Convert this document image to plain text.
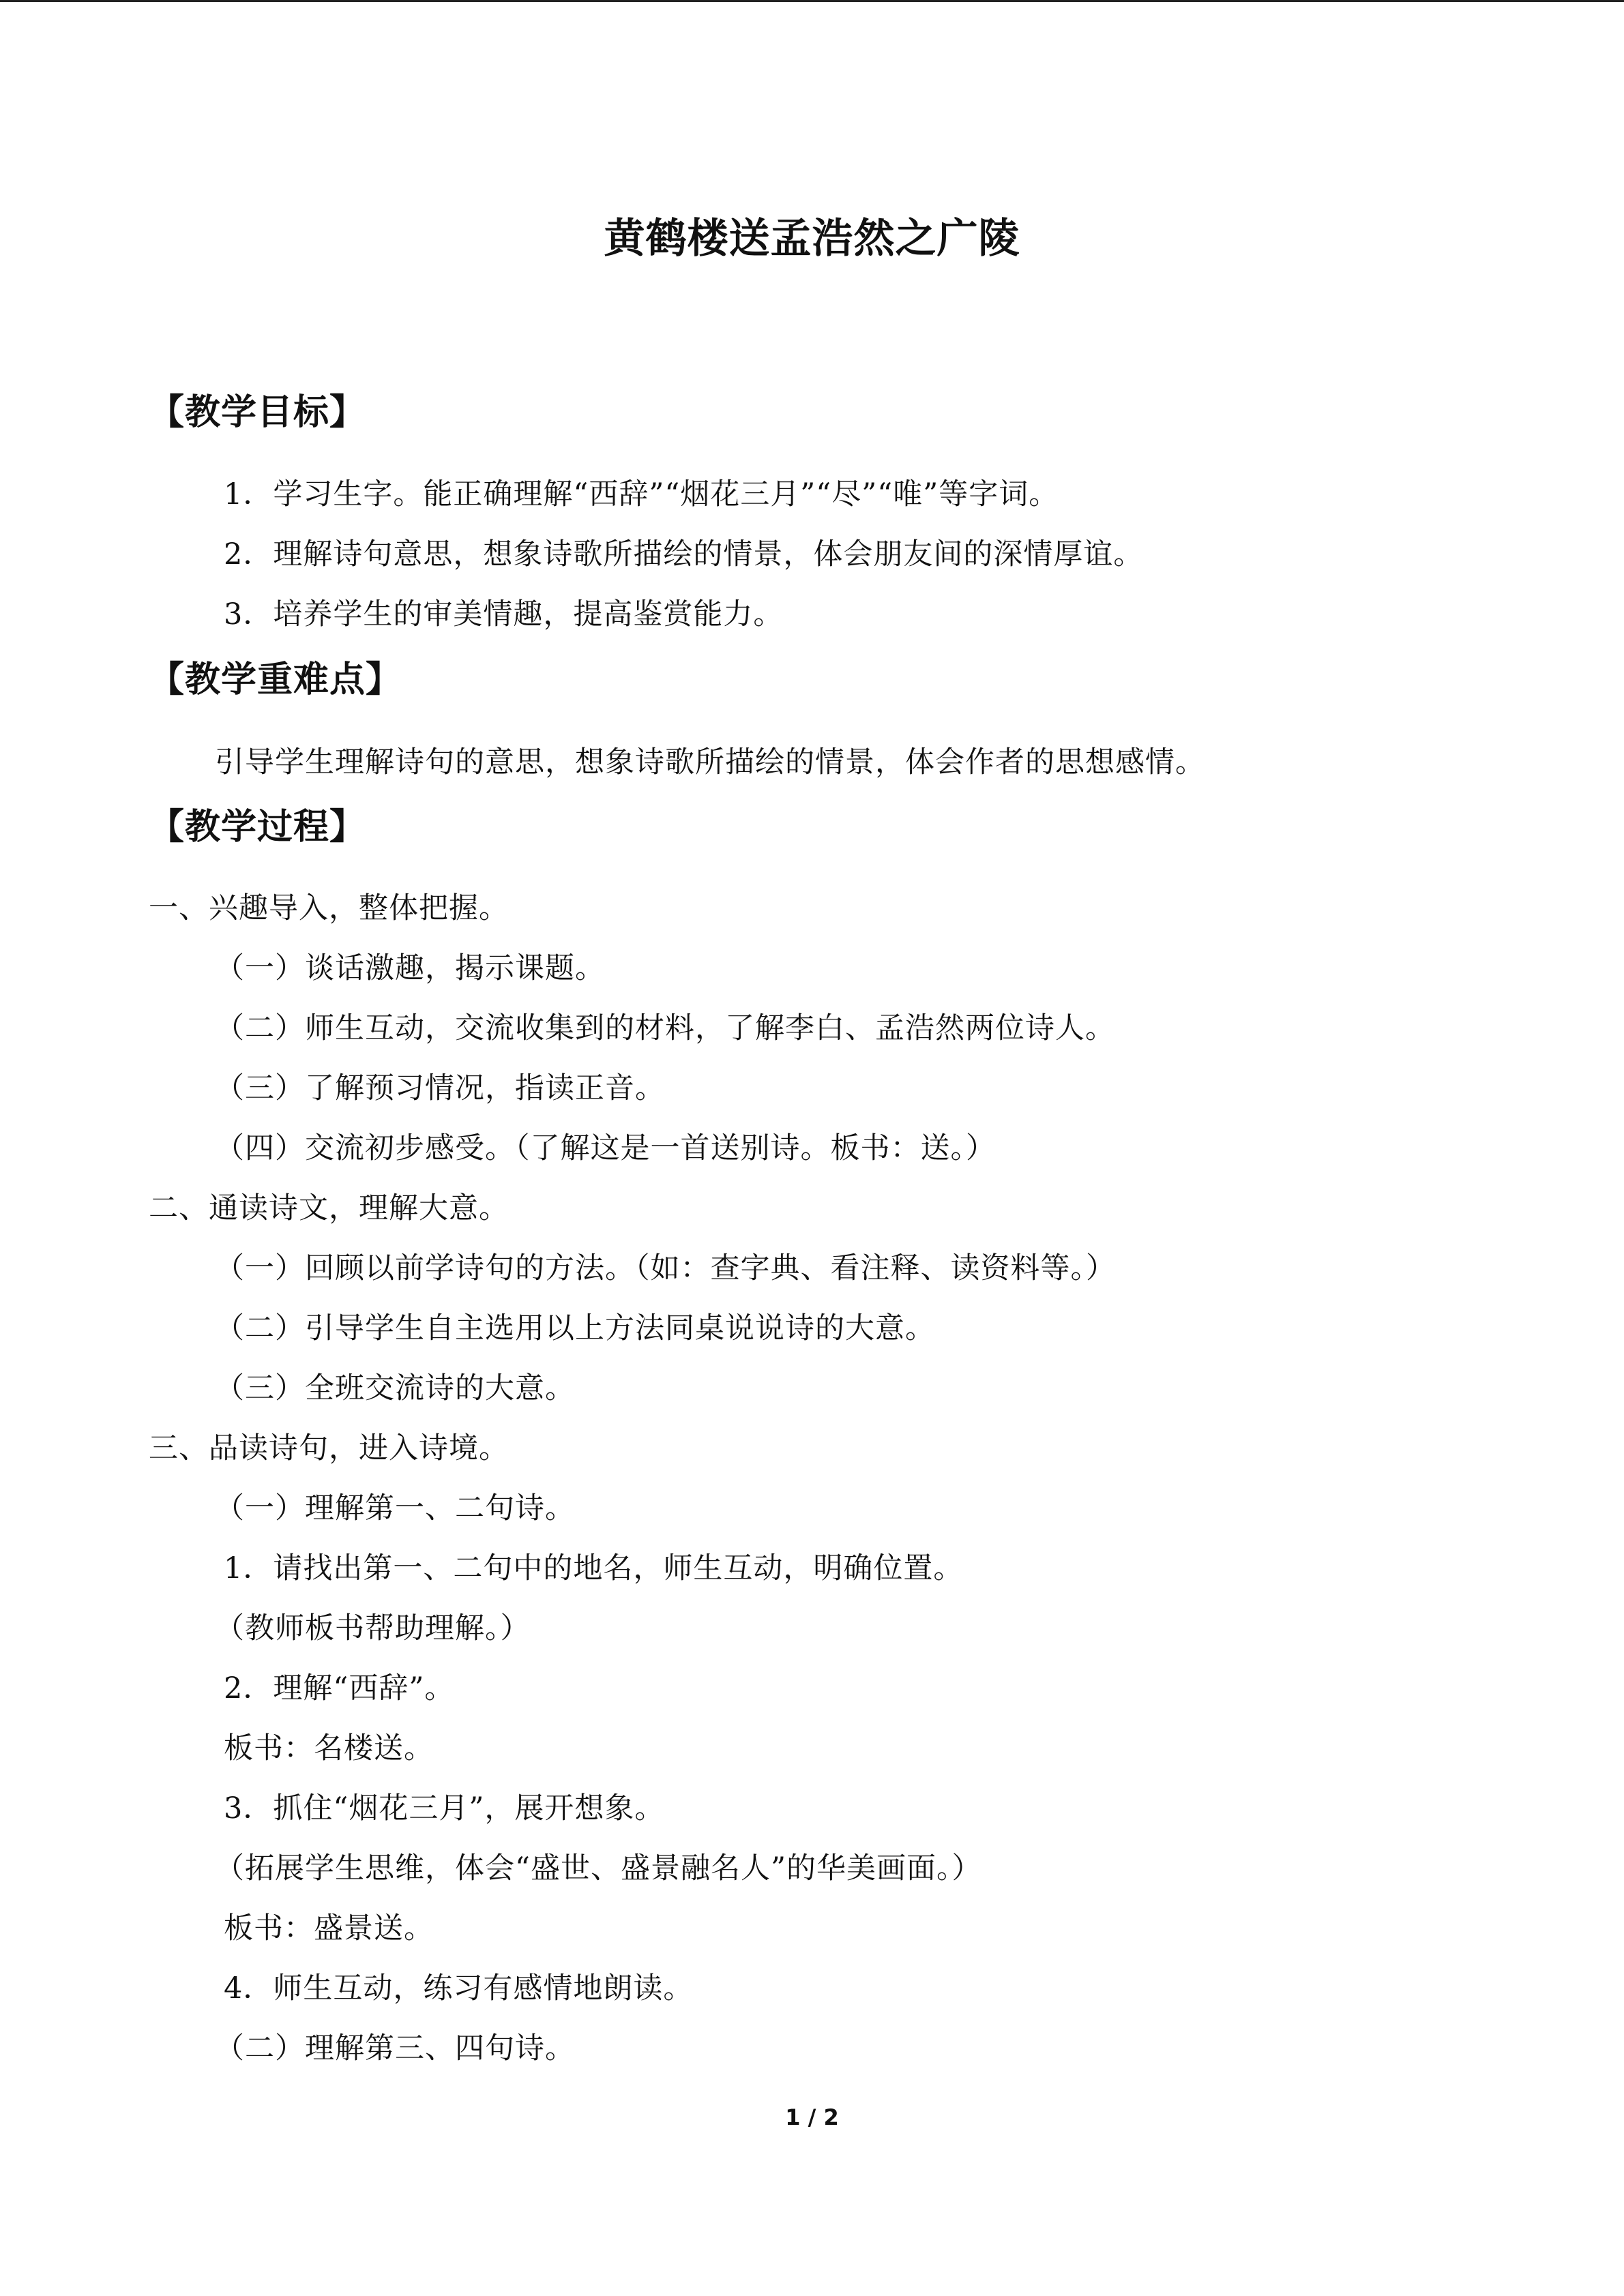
黄鹤楼送孟浩然之广陵
【教学目标】
1．学习生字。能正确理解“西辞”“烟花三月”“尽”“唯”等字词。
2．理解诗句意思，想象诗歌所描绘的情景，体会朋友间的深情厚谊。
3．培养学生的审美情趣，提高鉴赏能力。
【教学重难点】
引导学生理解诗句的意思，想象诗歌所描绘的情景，体会作者的思想感情。
【教学过程】
一、兴趣导入，整体把握。
（一）谈话激趣，揭示课题。
（二）师生互动，交流收集到的材料，了解李白、孟浩然两位诗人。
（三）了解预习情况，指读正音。
（四）交流初步感受。（了解这是一首送别诗。板书：送。）
二、通读诗文，理解大意。
（一）回顾以前学诗句的方法。（如：查字典、看注释、读资料等。）
（二）引导学生自主选用以上方法同桌说说诗的大意。
（三）全班交流诗的大意。
三、品读诗句，进入诗境。
（一）理解第一、二句诗。
1．请找出第一、二句中的地名，师生互动，明确位置。
（教师板书帮助理解。）
2．理解“西辞”。
板书：名楼送。
3．抓住“烟花三月”，展开想象。
（拓展学生思维，体会“盛世、盛景融名人”的华美画面。）
板书：盛景送。
4．师生互动，练习有感情地朗读。
（二）理解第三、四句诗。
1 / 2
